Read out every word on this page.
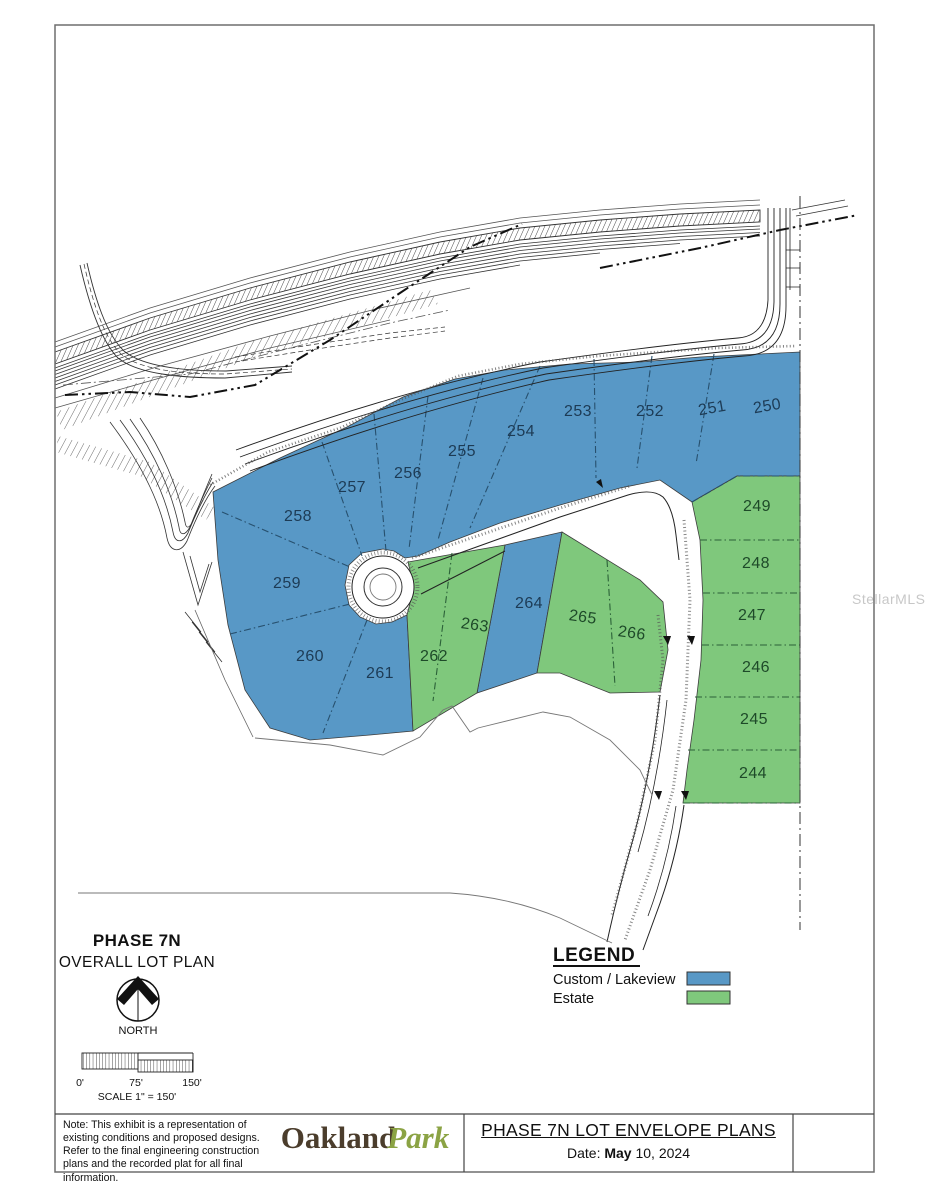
250
251
252
253
254
255
256
257
258
259
260
261
262
263
264
265
266
249
248
247
246
245
244
StellarMLS
PHASE 7N
OVERALL LOT PLAN
NORTH
0'	75'	150'
SCALE 1" = 150'
LEGEND
Custom / Lakeview
Estate
Note: This exhibit is a representation of existing conditions and proposed designs. Refer to the final engineering construction plans and the recorded plat for all final information.
OaklandPark	PHASE 7N LOT ENVELOPE PLANS
Date: May 10, 2024
